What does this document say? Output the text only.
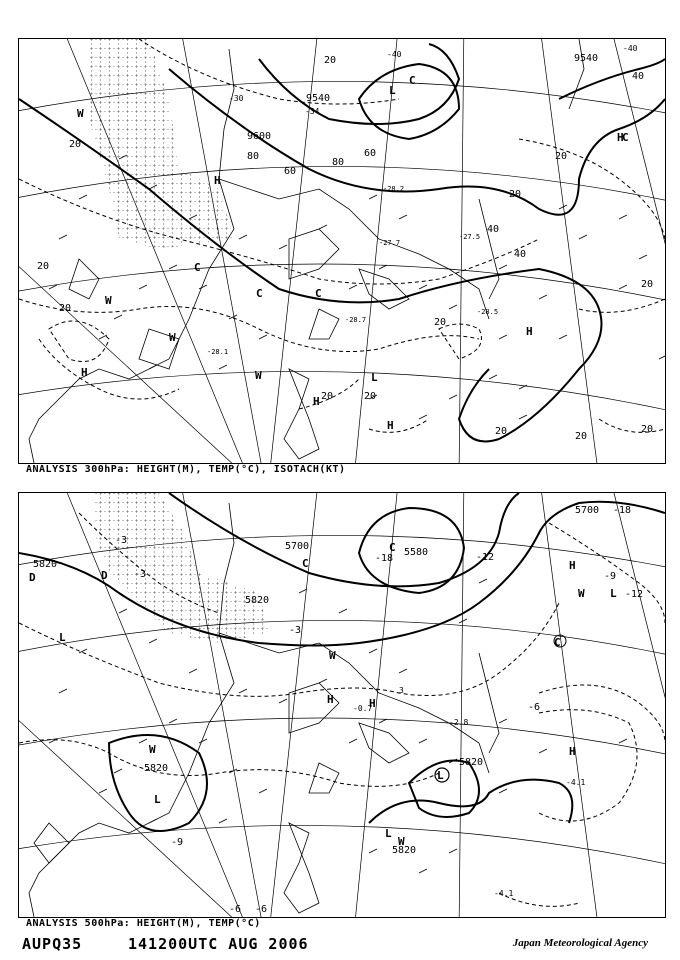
9540
9540
9600
-40
-40
-34
-30
-28.5
-28.7
-28.1
-28.2
-27.5
-27.7
20
20
20
20
20
20
20
20	20
20	20
20
20
40
40
40
60
60
80
80
L
L
C
C
C	C
C
H
H
H
H
H
H
W
W
W
W
ANALYSIS 300hPa: HEIGHT(M), TEMP(°C), ISOTACH(KT)
5700
5700
5580
5820
5820
5820
5820
5820
-18
-18	-12
-12
-9
-9
-6
-6 -6
-3
-3
-3
3
-4.1
-4.1
-0.7
-2.8
L
L
L
L
L
C
C
C
H
H
H	H
W
W
W
W
D
D
ANALYSIS 500hPa: HEIGHT(M), TEMP(°C)
AUPQ35	141200UTC AUG 2006	Japan Meteorological Agency
